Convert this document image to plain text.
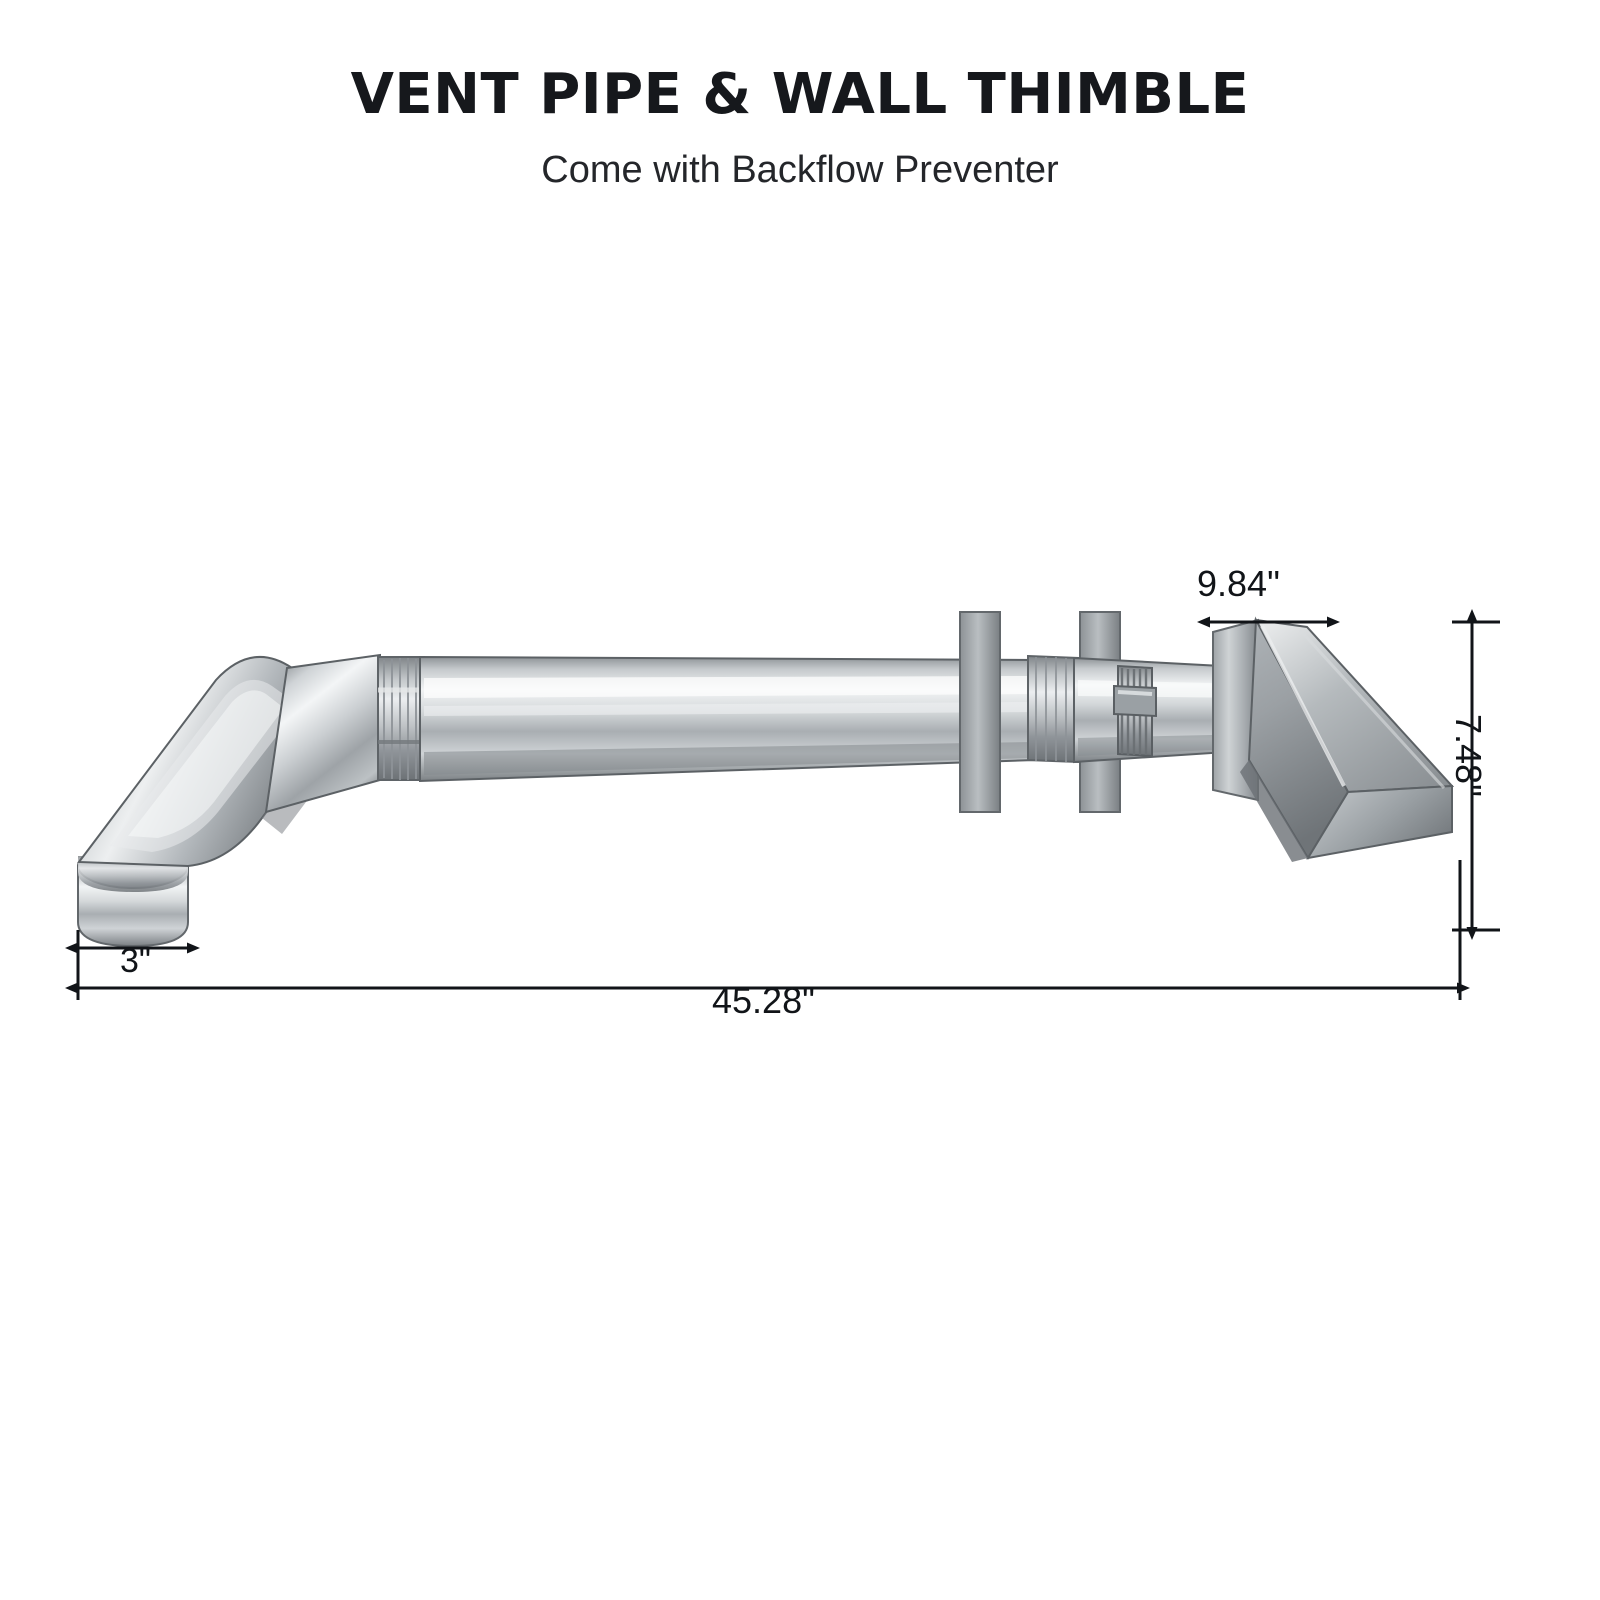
VENT PIPE & WALL THIMBLE

Come with Backflow Preventer

45.28"
3"
9.84"
7.48"
